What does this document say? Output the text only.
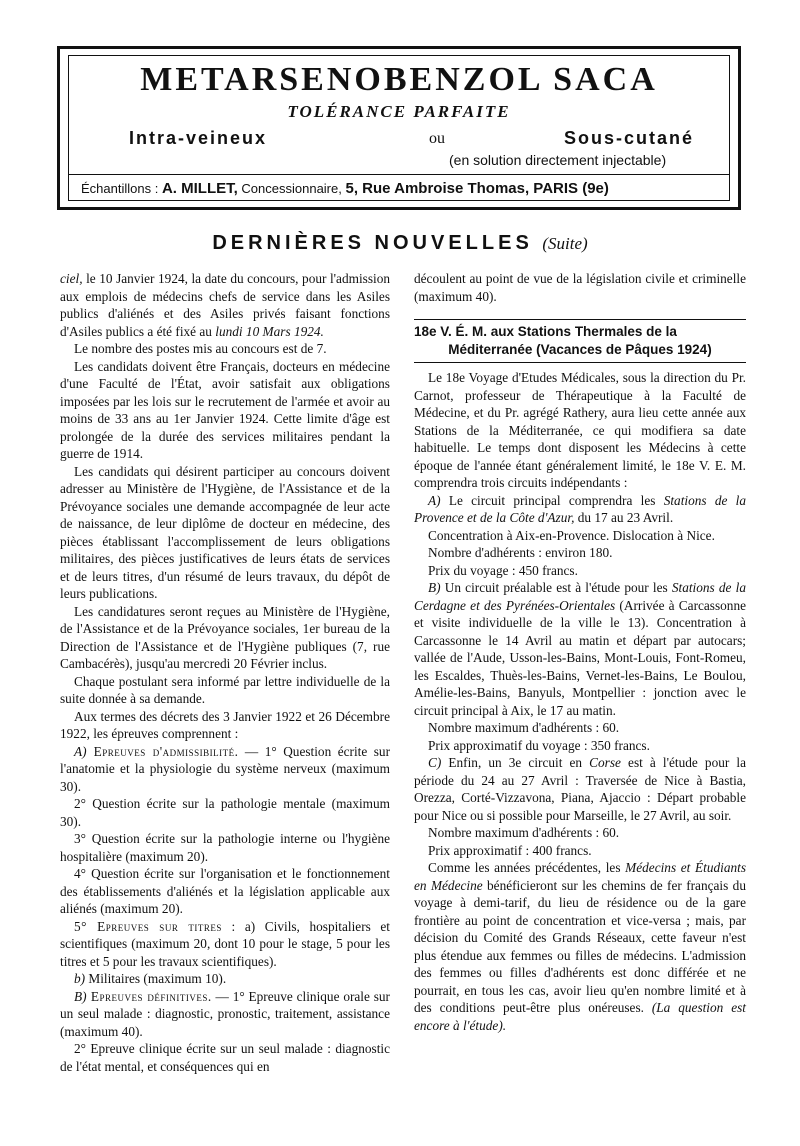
METARSENOBENZOL SACA
TOLÉRANCE PARFAITE
Intra-veineux	ou	Sous-cutané
(en solution directement injectable)
Échantillons : A. MILLET, Concessionnaire, 5, Rue Ambroise Thomas, PARIS (9e)
DERNIÈRES NOUVELLES (Suite)

ciel, le 10 Janvier 1924, la date du concours, pour l'admission aux emplois de médecins chefs de service dans les Asiles publics d'aliénés et des Asiles privés faisant fonctions d'Asiles publics a été fixé au lundi 10 Mars 1924.

Le nombre des postes mis au concours est de 7.

Les candidats doivent être Français, docteurs en médecine d'une Faculté de l'État, avoir satisfait aux obligations imposées par les lois sur le recrutement de l'armée et avoir au moins de 33 ans au 1er Janvier 1924. Cette limite d'âge est prolongée de la durée des services militaires pendant la guerre de 1914.

Les candidats qui désirent participer au concours doivent adresser au Ministère de l'Hygiène, de l'Assistance et de la Prévoyance sociales une demande accompagnée de leur acte de naissance, de leur diplôme de docteur en médecine, des pièces établissant l'accomplissement de leurs obligations militaires, des pièces justificatives de leurs états de services et de leurs titres, d'un résumé de leurs travaux, du dépôt de leurs publications.

Les candidatures seront reçues au Ministère de l'Hygiène, de l'Assistance et de la Prévoyance sociales, 1er bureau de la Direction de l'Assistance et de l'Hygiène publiques (7, rue Cambacérès), jusqu'au mercredi 20 Février inclus.

Chaque postulant sera informé par lettre individuelle de la suite donnée à sa demande.

Aux termes des décrets des 3 Janvier 1922 et 26 Décembre 1922, les épreuves comprennent :

A) Epreuves d'admissibilité. — 1° Question écrite sur l'anatomie et la physiologie du système nerveux (maximum 30).

2° Question écrite sur la pathologie mentale (maximum 30).

3° Question écrite sur la pathologie interne ou l'hygiène hospitalière (maximum 20).

4° Question écrite sur l'organisation et le fonctionnement des établissements d'aliénés et la législation applicable aux aliénés (maximum 20).

5° Epreuves sur titres : a) Civils, hospitaliers et scientifiques (maximum 20, dont 10 pour le stage, 5 pour les titres et 5 pour les travaux scientifiques).

b) Militaires (maximum 10).

B) Epreuves définitives. — 1° Epreuve clinique orale sur un seul malade : diagnostic, pronostic, traitement, assistance (maximum 40).

2° Epreuve clinique écrite sur un seul malade : diagnostic de l'état mental, et conséquences qui en

découlent au point de vue de la législation civile et criminelle (maximum 40).

18e V. É. M. aux Stations Thermales de la
Méditerranée (Vacances de Pâques 1924)

Le 18e Voyage d'Etudes Médicales, sous la direction du Pr. Carnot, professeur de Thérapeutique à la Faculté de Médecine, et du Pr. agrégé Rathery, aura lieu cette année aux Stations de la Méditerranée, ce qui modifiera sa date habituelle. Le temps dont disposent les Médecins à cette époque de l'année étant généralement limité, le 18e V. E. M. comprendra trois circuits indépendants :

A) Le circuit principal comprendra les Stations de la Provence et de la Côte d'Azur, du 17 au 23 Avril.

Concentration à Aix-en-Provence. Dislocation à Nice.

Nombre d'adhérents : environ 180.

Prix du voyage : 450 francs.

B) Un circuit préalable est à l'étude pour les Stations de la Cerdagne et des Pyrénées-Orientales (Arrivée à Carcassonne et visite individuelle de la ville le 13). Concentration à Carcassonne le 14 Avril au matin et départ par autocars; vallée de l'Aude, Usson-les-Bains, Mont-Louis, Font-Romeu, les Escaldes, Thuès-les-Bains, Vernet-les-Bains, Le Boulou, Amélie-les-Bains, Banyuls, Montpellier : jonction avec le circuit principal à Aix, le 17 au matin.

Nombre maximum d'adhérents : 60.

Prix approximatif du voyage : 350 francs.

C) Enfin, un 3e circuit en Corse est à l'étude pour la période du 24 au 27 Avril : Traversée de Nice à Bastia, Orezza, Corté-Vizzavona, Piana, Ajaccio : Départ probable pour Nice ou si possible pour Marseille, le 27 Avril, au soir.

Nombre maximum d'adhérents : 60.

Prix approximatif : 400 francs.

Comme les années précédentes, les Médecins et Étudiants en Médecine bénéficieront sur les chemins de fer français du voyage à demi-tarif, du lieu de résidence ou de la gare frontière au point de concentration et vice-versa ; mais, par décision du Comité des Grands Réseaux, cette faveur n'est plus étendue aux femmes ou filles de médecins. L'admission des femmes ou filles d'adhérents est donc différée et ne pourrait, en tous les cas, avoir lieu qu'en nombre limité et à des conditions peut-être plus onéreuses. (La question est encore à l'étude).
